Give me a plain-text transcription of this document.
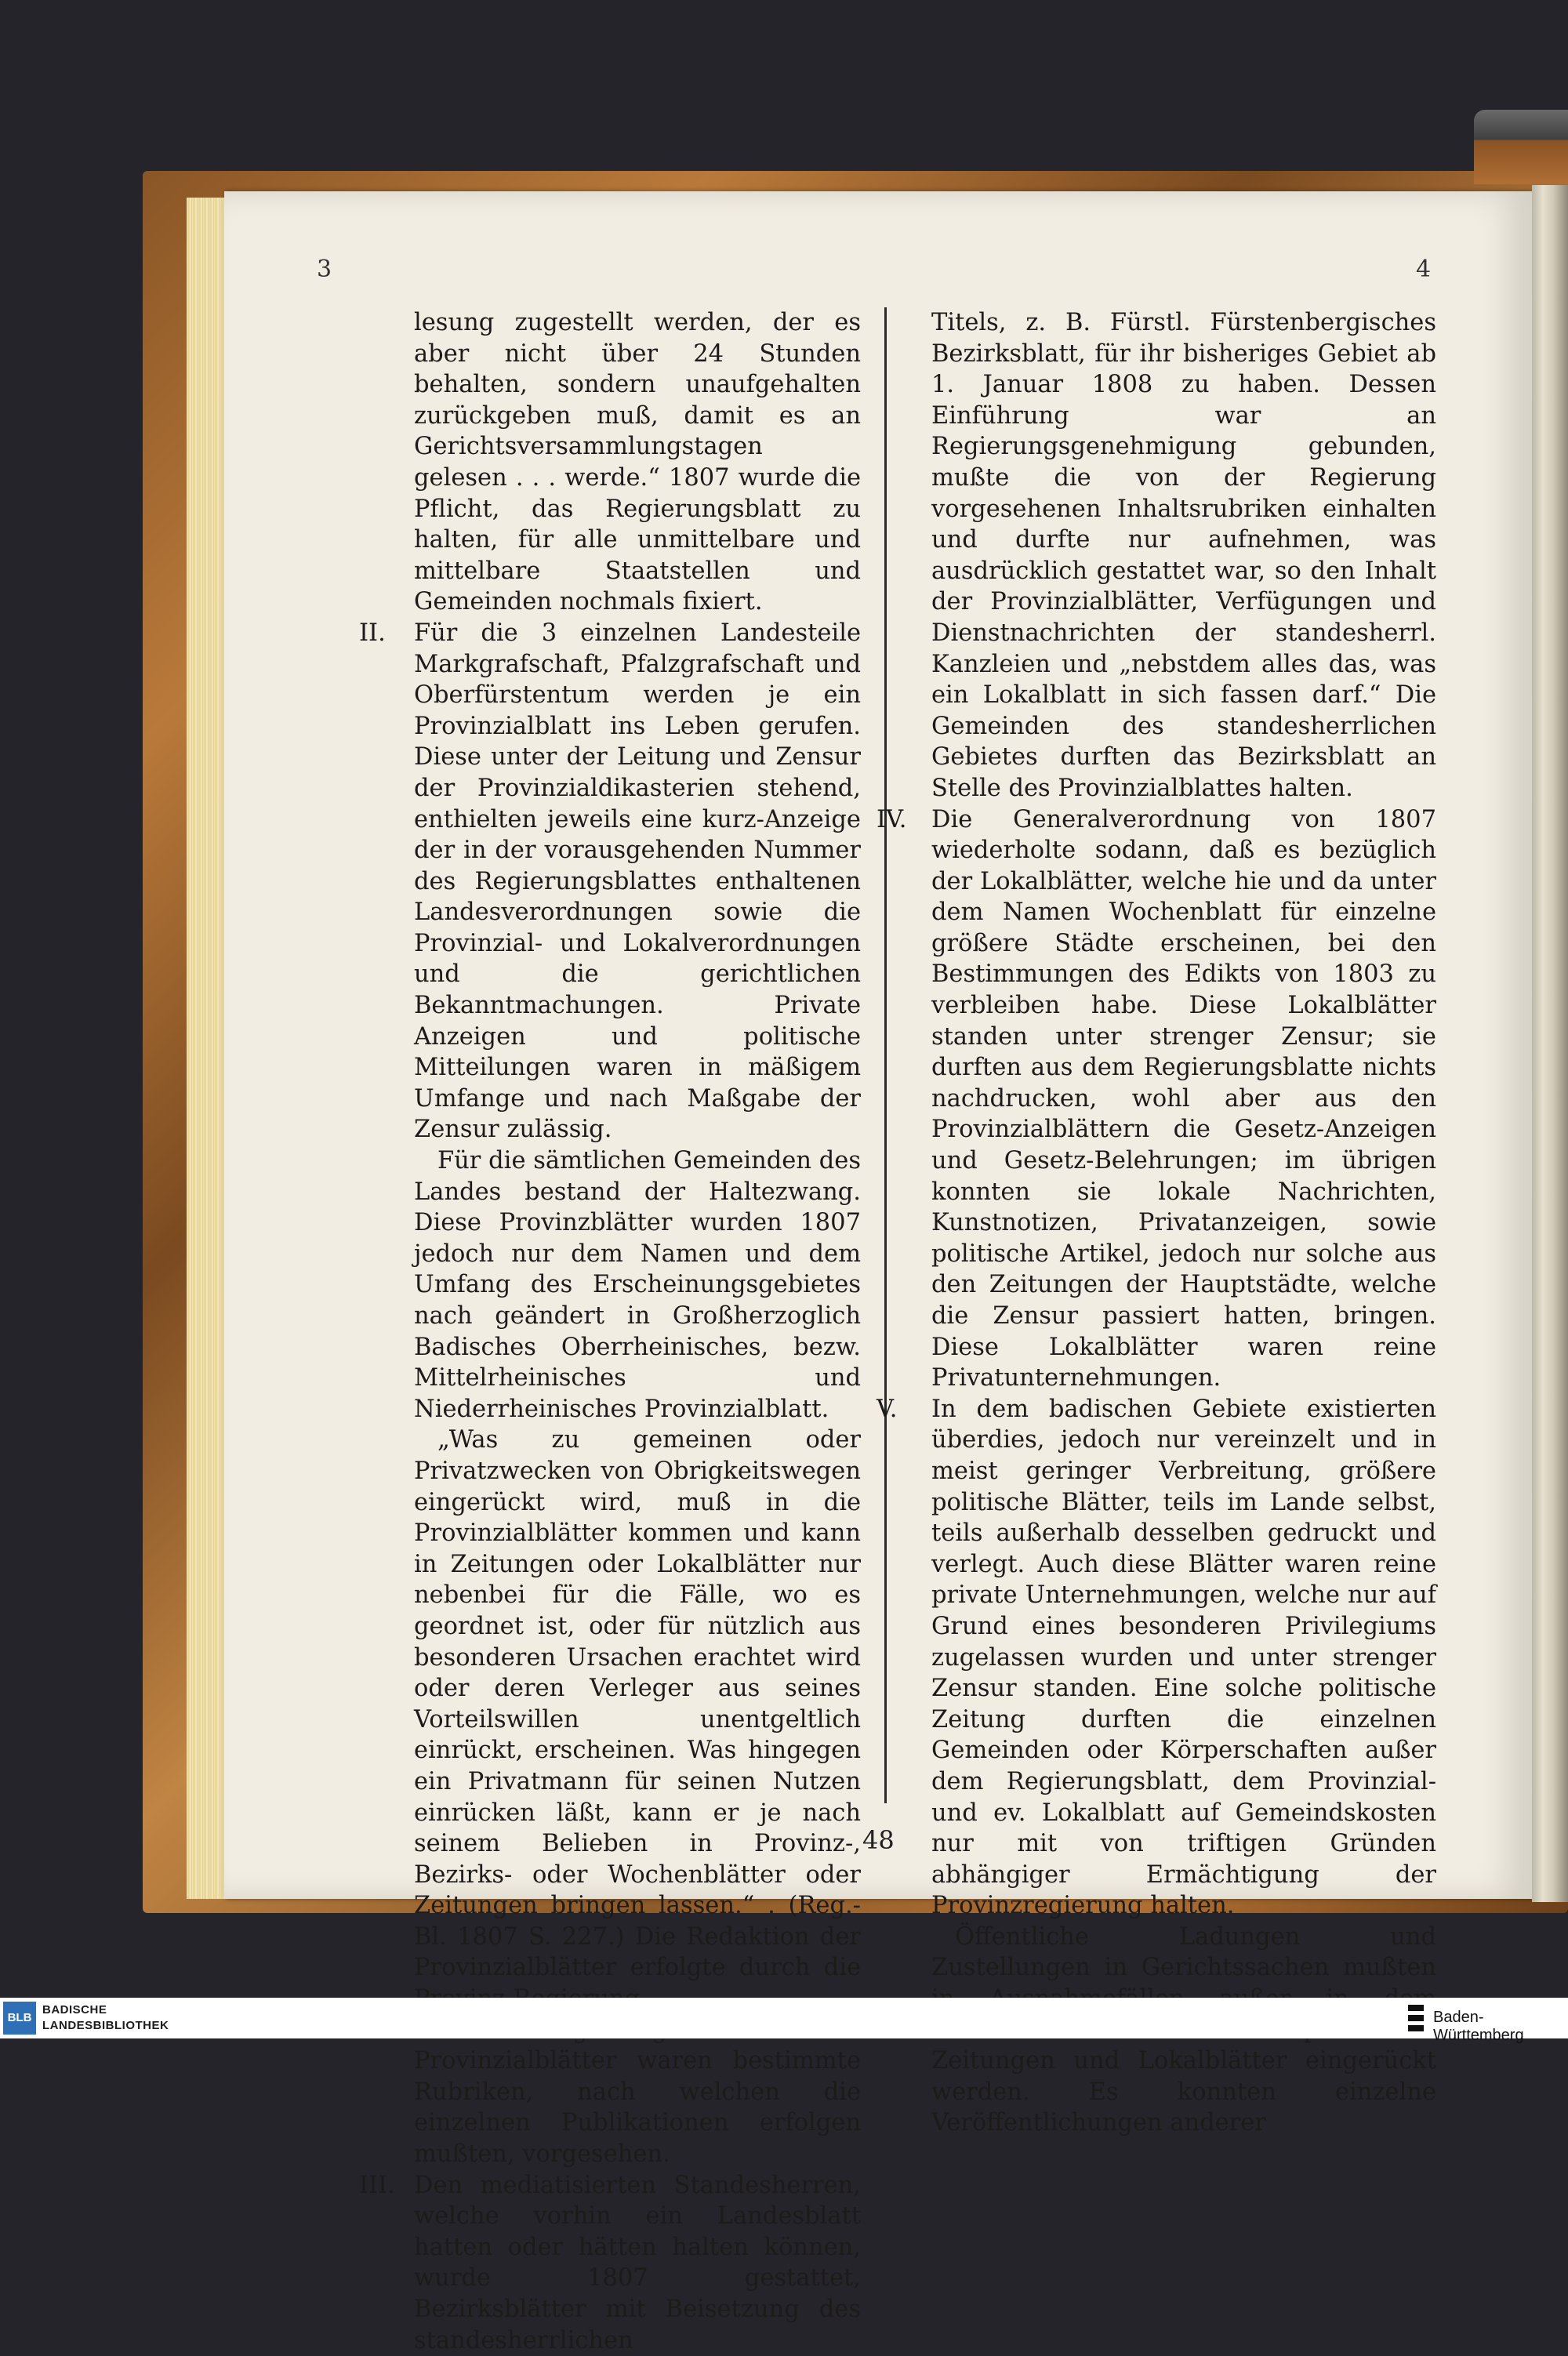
3	4

lesung zugestellt werden, der es aber nicht über 24 Stunden behalten, sondern unaufgehalten zurückgeben muß, damit es an Gerichtsversammlungstagen gelesen . . . werde.“ 1807 wurde die Pflicht, das Regierungsblatt zu halten, für alle unmittelbare und mittelbare Staatstellen und Gemeinden nochmals fixiert.

II.	Für die 3 einzelnen Landesteile Markgrafschaft, Pfalzgrafschaft und Oberfürstentum werden je ein Provinzialblatt ins Leben gerufen. Diese unter der Leitung und Zensur der Provinzialdikasterien stehend, enthielten jeweils eine kurz-Anzeige der in der vorausgehenden Nummer des Regierungsblattes enthaltenen Landesverordnungen sowie die Provinzial- und Lokalverordnungen und die gerichtlichen Bekanntmachungen. Private Anzeigen und politische Mitteilungen waren in mäßigem Umfange und nach Maßgabe der Zensur zulässig.

Für die sämtlichen Gemeinden des Landes bestand der Haltezwang. Diese Provinzblätter wurden 1807 jedoch nur dem Namen und dem Umfang des Erscheinungsgebietes nach geändert in Großherzoglich Badisches Oberrheinisches, bezw. Mittelrheinisches und Niederrheinisches Provinzialblatt.

„Was zu gemeinen oder Privatzwecken von Obrigkeitswegen eingerückt wird, muß in die Provinzialblätter kommen und kann in Zeitungen oder Lokalblätter nur nebenbei für die Fälle, wo es geordnet ist, oder für nützlich aus besonderen Ursachen erachtet wird oder deren Verleger aus seines Vorteilswillen unentgeltlich einrückt, erscheinen. Was hingegen ein Privatmann für seinen Nutzen einrücken läßt, kann er je nach seinem Belieben in Provinz-, Bezirks- oder Wochenblätter oder Zeitungen bringen lassen.“ . (Reg.-Bl. 1807 S. 227.) Die Redaktion der Provinzialblätter erfolgte durch die

Provinzialblätter waren bestimmte Rubriken, nach welchen die einzelnen Publikationen erfolgen mußten, vorgesehen.

III. Den mediatisierten Standesherren, welche vorhin ein Landesblatt hatten oder hätten halten können, wurde 1807 gestattet, Bezirksblätter mit Beisetzung des standesherrlichen

Titels, z. B. Fürstl. Fürstenbergisches Bezirksblatt, für ihr bisheriges Gebiet ab 1. Januar 1808 zu haben. Dessen Einführung war an Regierungsgenehmigung gebunden, mußte die von der Regierung vorgesehenen Inhaltsrubriken einhalten und durfte nur aufnehmen, was ausdrücklich gestattet war, so den Inhalt der Provinzialblätter, Verfügungen und Dienstnachrichten der standesherrl. Kanzleien und „nebstdem alles das, was ein Lokalblatt in sich fassen darf.“ Die Gemeinden des standesherrlichen Gebietes durften das Bezirksblatt an Stelle des Provinzialblattes halten.

IV.	Die Generalverordnung von 1807 wiederholte sodann, daß es bezüglich der Lokalblätter, welche hie und da unter dem Namen Wochenblatt für einzelne größere Städte erscheinen, bei den Bestimmungen des Edikts von 1803 zu verbleiben habe. Diese Lokalblätter standen unter strenger Zensur; sie durften aus dem Regierungsblatte nichts nachdrucken, wohl aber aus den Provinzialblättern die Gesetz-Anzeigen und Gesetz-Belehrungen; im übrigen konnten sie lokale Nachrichten, Kunstnotizen, Privatanzeigen, sowie politische Artikel, jedoch nur solche aus den Zeitungen der Hauptstädte, welche die Zensur passiert hatten, bringen. Diese Lokalblätter waren reine Privatunternehmungen.
V.	In dem badischen Gebiete existierten überdies, jedoch nur vereinzelt und in meist geringer Verbreitung, größere politische Blätter, teils im Lande selbst, teils außerhalb desselben gedruckt und verlegt. Auch diese Blätter waren reine private Unternehmungen, welche nur auf Grund eines besonderen Privilegiums zugelassen wurden und unter strenger Zensur standen. Eine solche politische Zeitung durften die einzelnen Gemeinden oder Körperschaften außer dem Regierungsblatt, dem Provinzial- und ev. Lokalblatt auf Gemeindskosten nur mit von triftigen Gründen abhängiger Ermächtigung der Provinzregierung halten.

Öffentliche Ladungen und Zustellungen in Gerichtssachen mußten Zeitungen und Lokalblätter eingerückt werden. Es konnten einzelne Veröffentlichungen anderer

48
BLB
BADISCHE
LANDESBIBLIOTHEK	Baden-Württemberg
